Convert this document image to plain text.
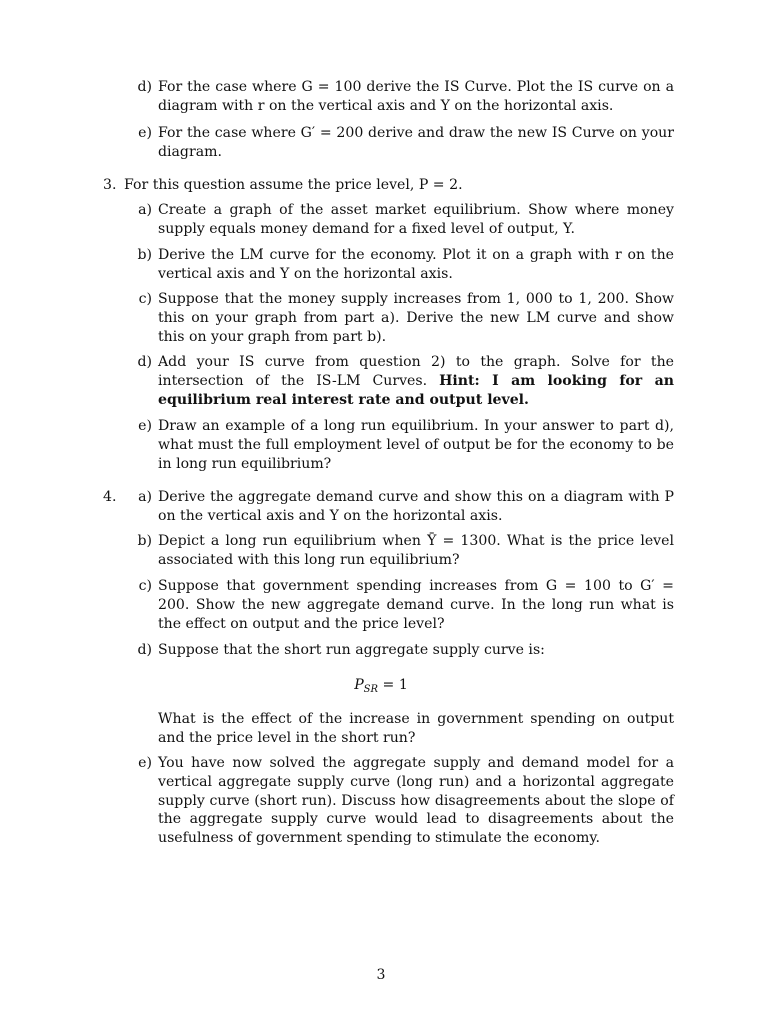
d) For the case where G = 100 derive the IS Curve. Plot the IS curve on a diagram with r on the vertical axis and Y on the horizontal axis.
e) For the case where G′ = 200 derive and draw the new IS Curve on your diagram.
3. For this question assume the price level, P = 2.
a) Create a graph of the asset market equilibrium. Show where money supply equals money demand for a fixed level of output, Y.
b) Derive the LM curve for the economy. Plot it on a graph with r on the vertical axis and Y on the horizontal axis.
c) Suppose that the money supply increases from 1, 000 to 1, 200. Show this on your graph from part a). Derive the new LM curve and show this on your graph from part b).
d) Add your IS curve from question 2) to the graph. Solve for the intersection of the IS-LM Curves. Hint: I am looking for an equilibrium real interest rate and output level.
e) Draw an example of a long run equilibrium. In your answer to part d), what must the full employment level of output be for the economy to be in long run equilibrium?
4.	a) Derive the aggregate demand curve and show this on a diagram with P on the vertical axis and Y on the horizontal axis.
b) Depict a long run equilibrium when Ȳ = 1300. What is the price level associated with this long run equilibrium?
c) Suppose that government spending increases from G = 100 to G′ = 200. Show the new aggregate demand curve. In the long run what is the effect on output and the price level?
d) Suppose that the short run aggregate supply curve is:
$P_{SR} = 1$
What is the effect of the increase in government spending on output and the price level in the short run?
e) You have now solved the aggregate supply and demand model for a vertical aggregate supply curve (long run) and a horizontal aggregate supply curve (short run). Discuss how disagreements about the slope of the aggregate supply curve would lead to disagreements about the usefulness of government spending to stimulate the economy.
3
